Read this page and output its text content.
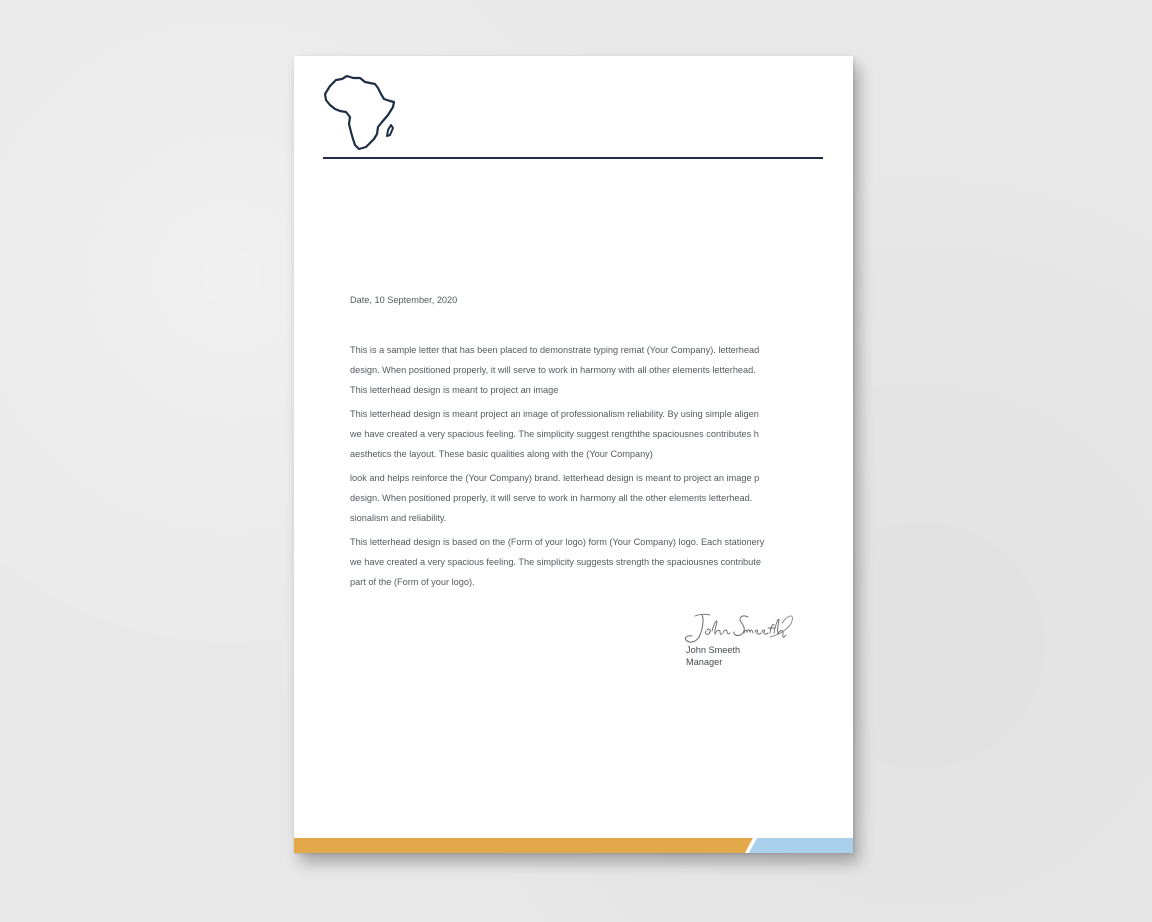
Date, 10 September, 2020
This is a sample letter that has been placed to demonstrate typing remat (Your Company). letterhead
design. When positioned properly, it will serve to work in harmony with all other elements letterhead.
This letterhead design is meant to project an image
This letterhead design is meant project an image of professionalism reliability. By using simple aligen
we have created a very spacious feeling. The simplicity suggest rengththe spaciousnes contributes h
aesthetics the layout. These basic qualities along with the (Your Company)
look and helps reinforce the (Your Company) brand. letterhead design is meant to project an image p
design. When positioned properly, it will serve to work in harmony all the other elements letterhead.
sionalism and reliability.
This letterhead design is based on the (Form of your logo) form (Your Company) logo. Each stationery
we have created a very spacious feeling. The simplicity suggests strength the spaciousnes contribute
part of the (Form of your logo).
John Smeeth
Manager
